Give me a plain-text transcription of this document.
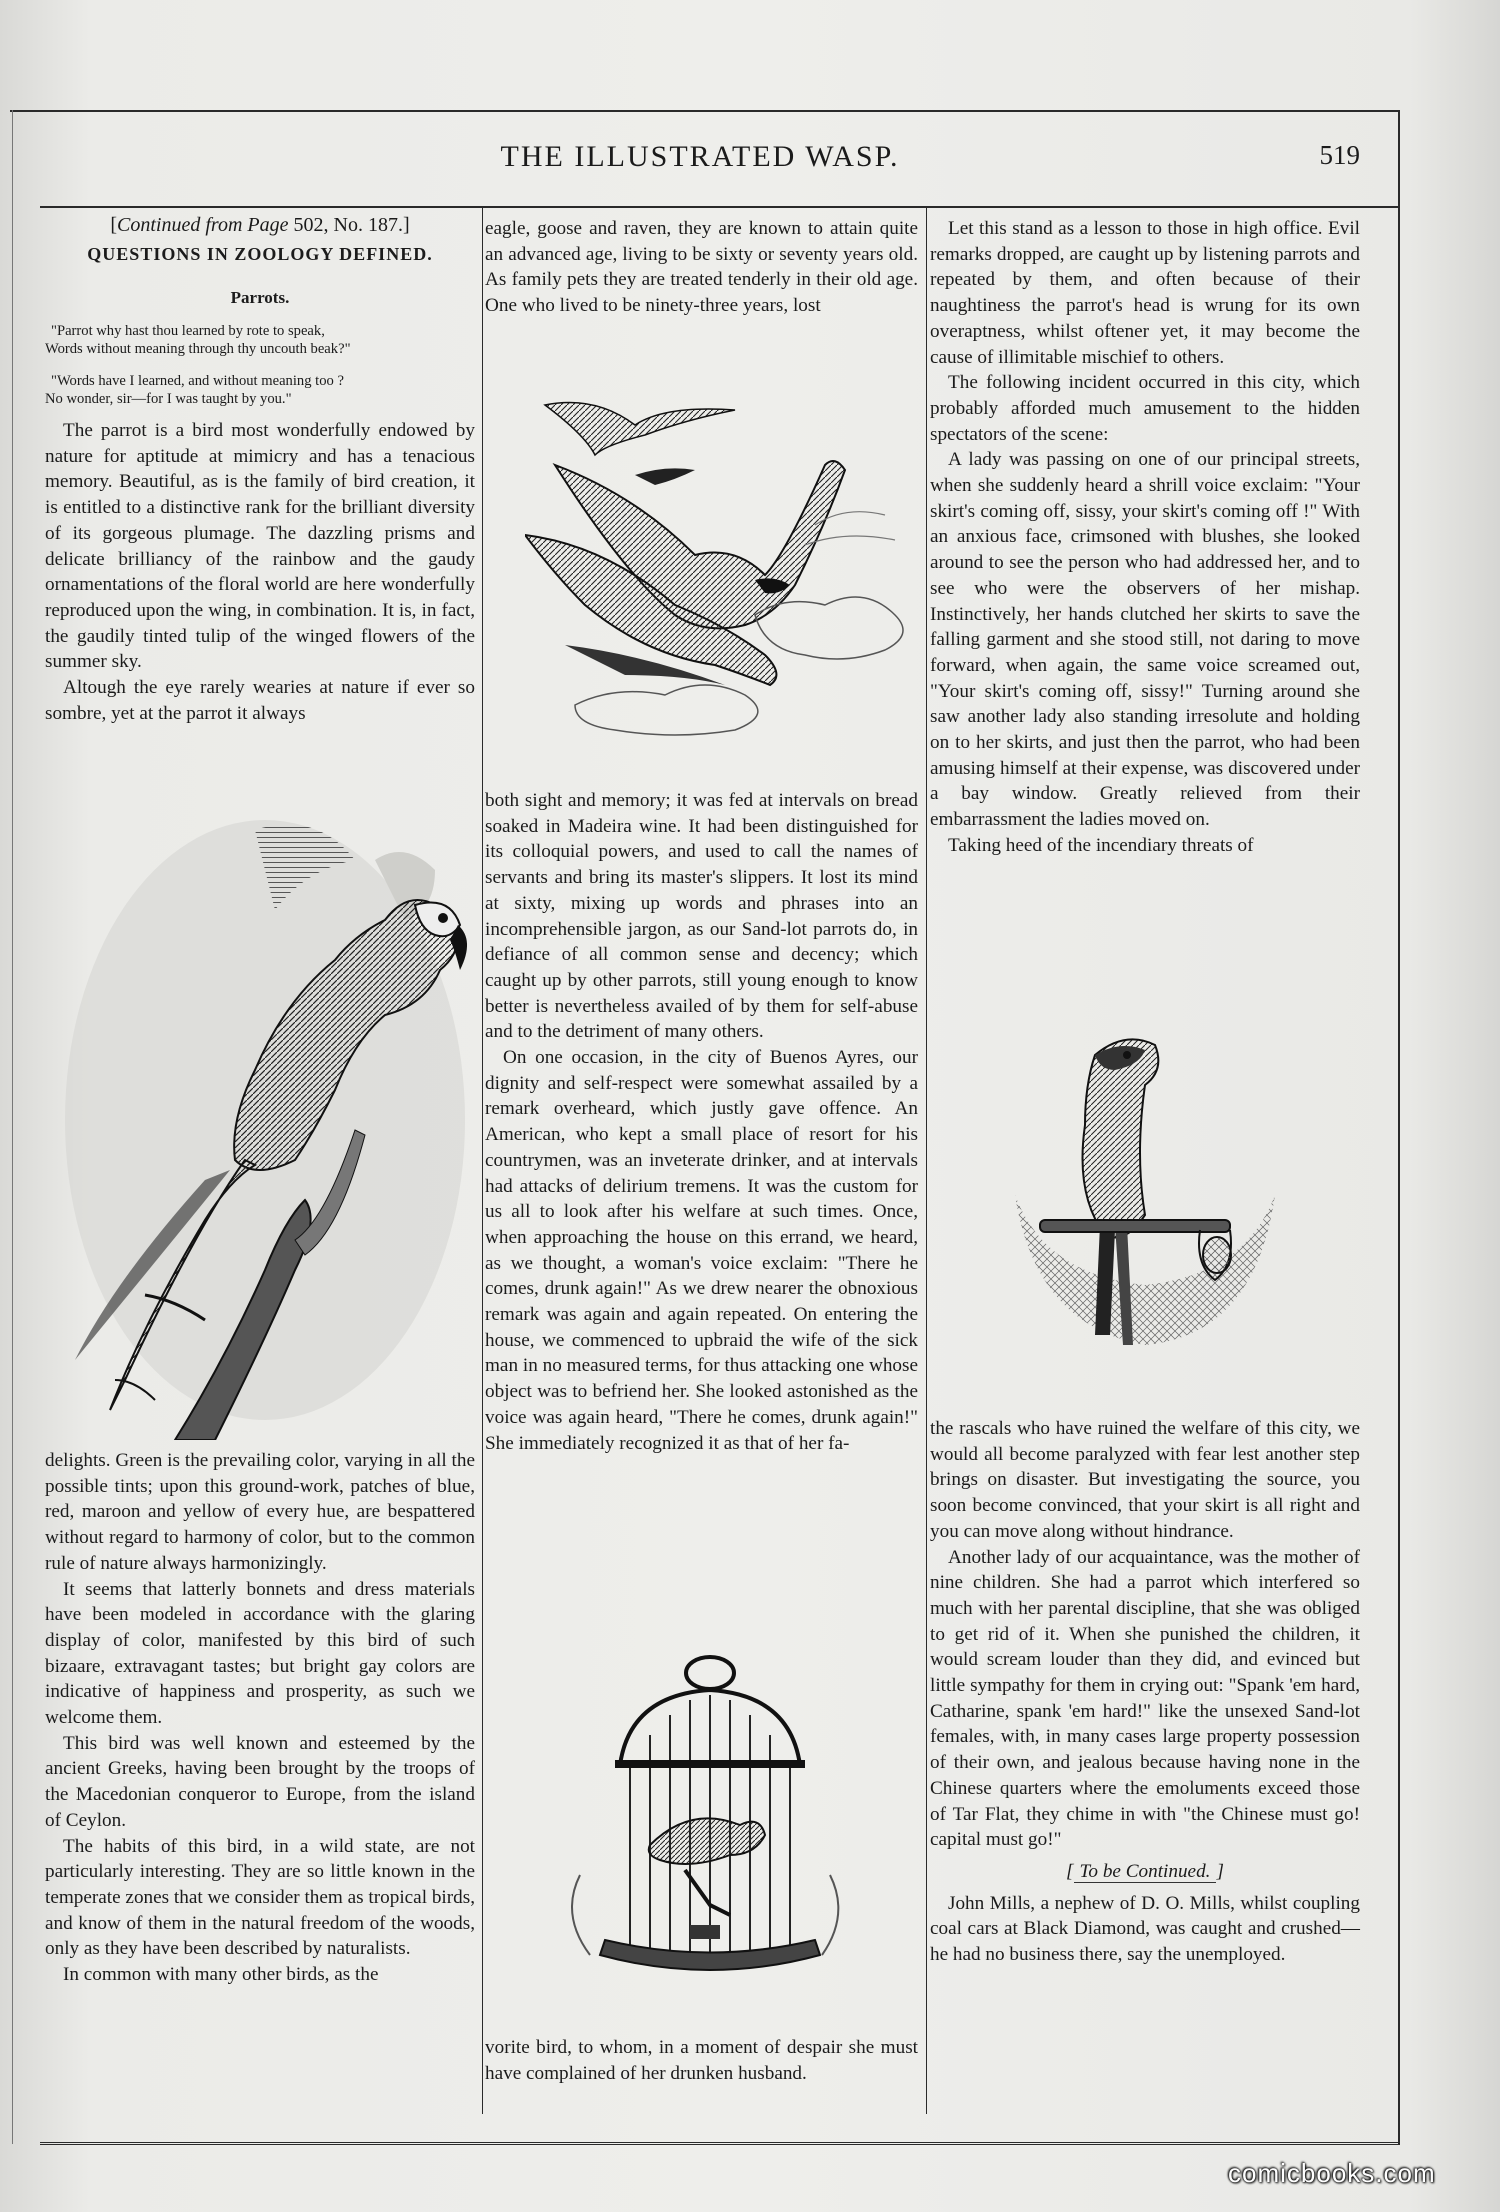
THE ILLUSTRATED WASP.	519
[Continued from Page 502, No. 187.]
QUESTIONS IN ZOOLOGY DEFINED.
Parrots.
"Parrot why hast thou learned by rote to speak,
Words without meaning through thy uncouth beak?"
"Words have I learned, and without meaning too ?
No wonder, sir—for I was taught by you."

The parrot is a bird most wonderfully endowed by nature for aptitude at mimicry and has a tenacious memory. Beautiful, as is the family of bird creation, it is entitled to a distinctive rank for the brilliant diversity of its gorgeous plumage. The dazzling prisms and delicate brilliancy of the rainbow and the gaudy ornamentations of the floral world are here wonderfully reproduced upon the wing, in combination. It is, in fact, the gaudily tinted tulip of the winged flowers of the summer sky.

Altough the eye rarely wearies at nature if ever so sombre, yet at the parrot it always

delights. Green is the prevailing color, varying in all the possible tints; upon this ground-work, patches of blue, red, maroon and yellow of every hue, are bespattered without regard to harmony of color, but to the common rule of nature always harmonizingly.

It seems that latterly bonnets and dress materials have been modeled in accordance with the glaring display of color, manifested by this bird of such bizaare, extravagant tastes; but bright gay colors are indicative of happiness and prosperity, as such we welcome them.

This bird was well known and esteemed by the ancient Greeks, having been brought by the troops of the Macedonian conqueror to Europe, from the island of Ceylon.

The habits of this bird, in a wild state, are not particularly interesting. They are so little known in the temperate zones that we consider them as tropical birds, and know of them in the natural freedom of the woods, only as they have been described by naturalists.

In common with many other birds, as the

eagle, goose and raven, they are known to attain quite an advanced age, living to be sixty or seventy years old. As family pets they are treated tenderly in their old age. One who lived to be ninety-three years, lost

both sight and memory; it was fed at intervals on bread soaked in Madeira wine. It had been distinguished for its colloquial powers, and used to call the names of servants and bring its master's slippers. It lost its mind at sixty, mixing up words and phrases into an incomprehensible jargon, as our Sand-lot parrots do, in defiance of all common sense and decency; which caught up by other parrots, still young enough to know better is nevertheless availed of by them for self-abuse and to the detriment of many others.

On one occasion, in the city of Buenos Ayres, our dignity and self-respect were somewhat assailed by a remark overheard, which justly gave offence. An American, who kept a small place of resort for his countrymen, was an inveterate drinker, and at intervals had attacks of delirium tremens. It was the custom for us all to look after his welfare at such times. Once, when approaching the house on this errand, we heard, as we thought, a woman's voice exclaim: "There he comes, drunk again!" As we drew nearer the obnoxious remark was again and again repeated. On entering the house, we commenced to upbraid the wife of the sick man in no measured terms, for thus attacking one whose object was to befriend her. She looked astonished as the voice was again heard, "There he comes, drunk again!" She immediately recognized it as that of her fa-

vorite bird, to whom, in a moment of despair she must have complained of her drunken husband.

Let this stand as a lesson to those in high office. Evil remarks dropped, are caught up by listening parrots and repeated by them, and often because of their naughtiness the parrot's head is wrung for its own overaptness, whilst oftener yet, it may become the cause of illimitable mischief to others.

The following incident occurred in this city, which probably afforded much amusement to the hidden spectators of the scene:

A lady was passing on one of our principal streets, when she suddenly heard a shrill voice exclaim: "Your skirt's coming off, sissy, your skirt's coming off !" With an anxious face, crimsoned with blushes, she looked around to see the person who had addressed her, and to see who were the observers of her mishap. Instinctively, her hands clutched her skirts to save the falling garment and she stood still, not daring to move forward, when again, the same voice screamed out, "Your skirt's coming off, sissy!" Turning around she saw another lady also standing irresolute and holding on to her skirts, and just then the parrot, who had been amusing himself at their expense, was discovered under a bay window. Greatly relieved from their embarrassment the ladies moved on.

Taking heed of the incendiary threats of

the rascals who have ruined the welfare of this city, we would all become paralyzed with fear lest another step brings on disaster. But investigating the source, you soon become convinced, that your skirt is all right and you can move along without hindrance.

Another lady of our acquaintance, was the mother of nine children. She had a parrot which interfered so much with her parental discipline, that she was obliged to get rid of it. When she punished the children, it would scream louder than they did, and evinced but little sympathy for them in crying out: "Spank 'em hard, Catharine, spank 'em hard!" like the unsexed Sand-lot females, with, in many cases large property possession of their own, and jealous because having none in the Chinese quarters where the emoluments exceed those of Tar Flat, they chime in with "the Chinese must go! capital must go!"

[ To be Continued. ]

John Mills, a nephew of D. O. Mills, whilst coupling coal cars at Black Diamond, was caught and crushed—he had no business there, say the unemployed.

comicbooks.com
